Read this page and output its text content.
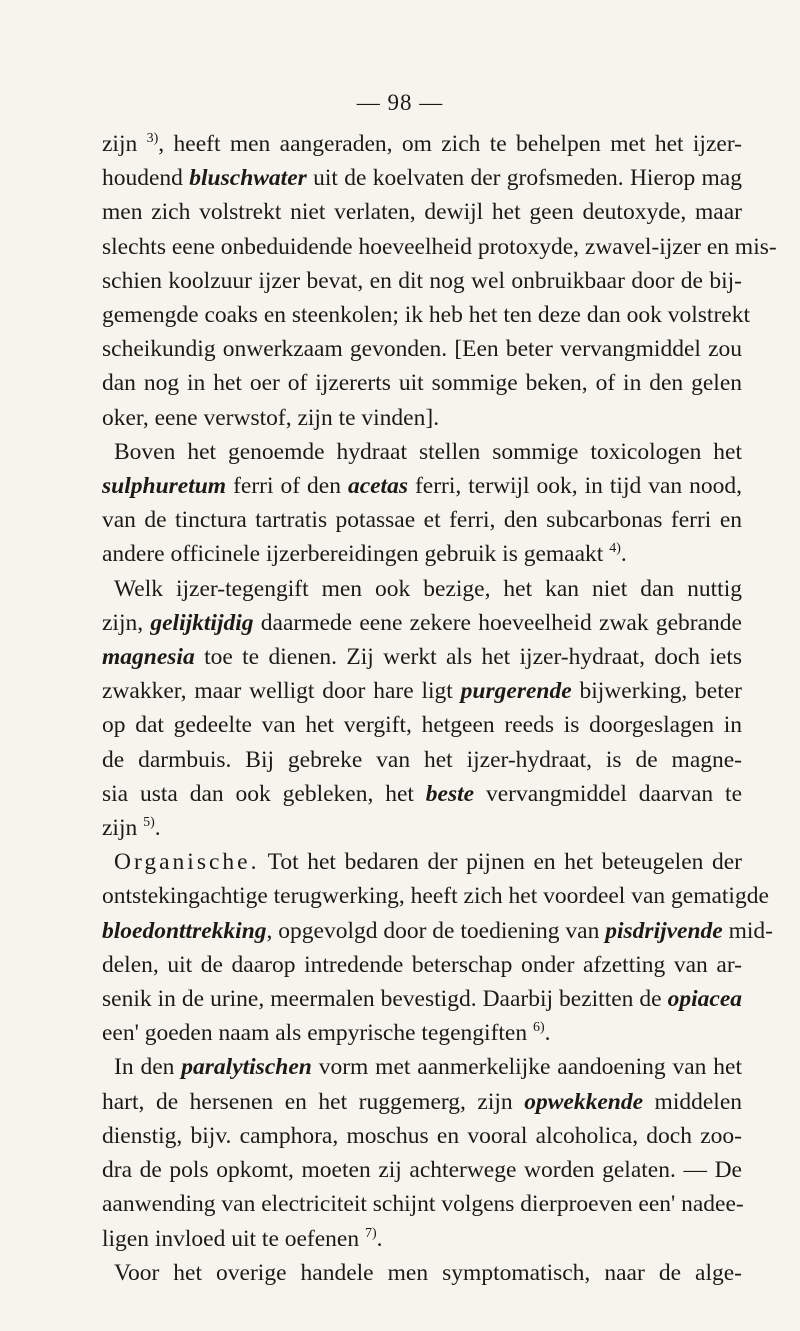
— 98 —
zijn $^{3)}$, heeft men aangeraden, om zich te behelpen met het ijzer-
houdend bluschwater uit de koelvaten der grofsmeden. Hierop mag
men zich volstrekt niet verlaten, dewijl het geen deutoxyde, maar
slechts eene onbeduidende hoeveelheid protoxyde, zwavel-ijzer en mis-
schien koolzuur ijzer bevat, en dit nog wel onbruikbaar door de bij-
gemengde coaks en steenkolen; ik heb het ten deze dan ook volstrekt
scheikundig onwerkzaam gevonden. [Een beter vervangmiddel zou
dan nog in het oer of ijzererts uit sommige beken, of in den gelen
oker, eene verwstof, zijn te vinden].
Boven het genoemde hydraat stellen sommige toxicologen het
sulphuretum ferri of den acetas ferri, terwijl ook, in tijd van nood,
van de tinctura tartratis potassae et ferri, den subcarbonas ferri en
andere officinele ijzerbereidingen gebruik is gemaakt $^{4)}$.
Welk ijzer-tegengift men ook bezige, het kan niet dan nuttig
zijn, gelijktijdig daarmede eene zekere hoeveelheid zwak gebrande
magnesia toe te dienen. Zij werkt als het ijzer-hydraat, doch iets
zwakker, maar welligt door hare ligt purgerende bijwerking, beter
op dat gedeelte van het vergift, hetgeen reeds is doorgeslagen in
de darmbuis. Bij gebreke van het ijzer-hydraat, is de magne-
sia usta dan ook gebleken, het beste vervangmiddel daarvan te
zijn $^{5)}$.
Organische. Tot het bedaren der pijnen en het beteugelen der
ontstekingachtige terugwerking, heeft zich het voordeel van gematigde
bloedonttrekking, opgevolgd door de toediening van pisdrijvende mid-
delen, uit de daarop intredende beterschap onder afzetting van ar-
senik in de urine, meermalen bevestigd. Daarbij bezitten de opiacea
een' goeden naam als empyrische tegengiften $^{6)}$.
In den paralytischen vorm met aanmerkelijke aandoening van het
hart, de hersenen en het ruggemerg, zijn opwekkende middelen
dienstig, bijv. camphora, moschus en vooral alcoholica, doch zoo-
dra de pols opkomt, moeten zij achterwege worden gelaten. — De
aanwending van electriciteit schijnt volgens dierproeven een' nadee-
ligen invloed uit te oefenen $^{7)}$.
Voor het overige handele men symptomatisch, naar de alge-
